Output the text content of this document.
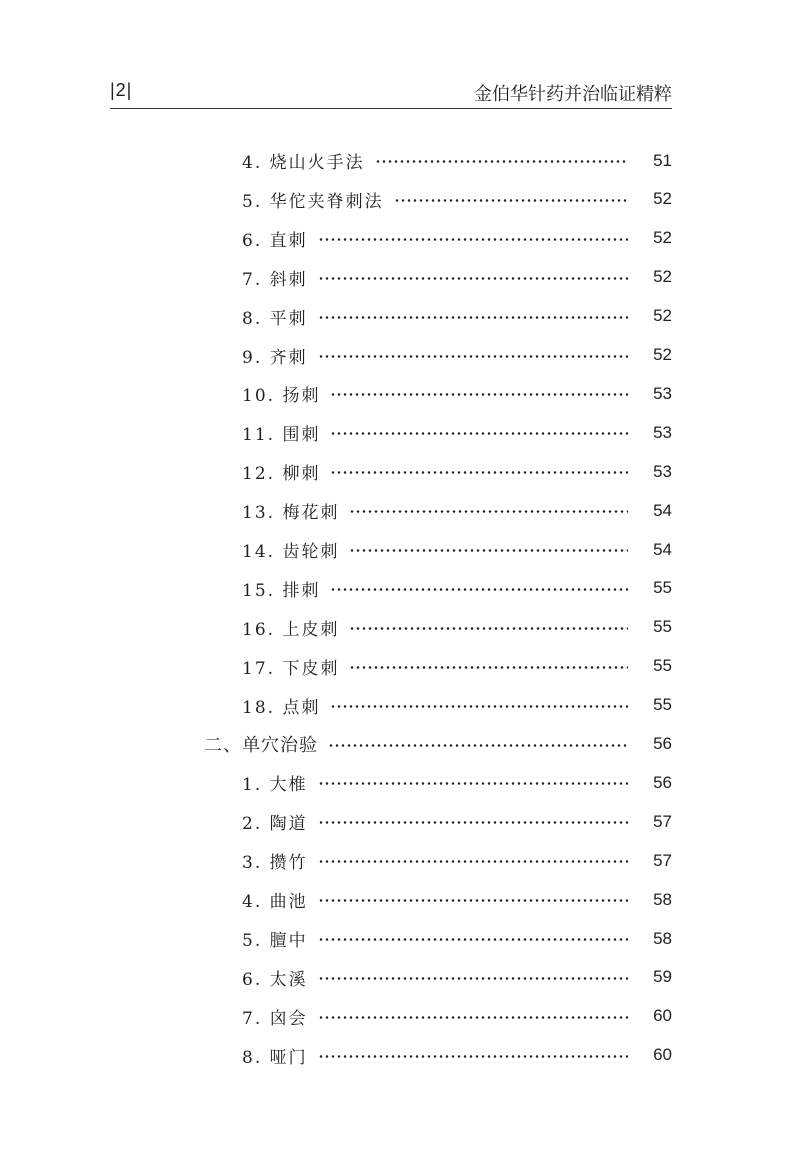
|2|	金伯华针药并治临证精粹
4. 烧山火手法	51
5. 华佗夹脊刺法	52
6. 直刺	52
7. 斜刺	52
8. 平刺	52
9. 齐刺	52
10. 扬刺	53
11. 围刺	53
12. 柳刺	53
13. 梅花刺	54
14. 齿轮刺	54
15. 排刺	55
16. 上皮刺	55
17. 下皮刺	55
18. 点刺	55
二、单穴治验	56
1. 大椎	56
2. 陶道	57
3. 攒竹	57
4. 曲池	58
5. 膻中	58
6. 太溪	59
7. 囟会	60
8. 哑门	60
